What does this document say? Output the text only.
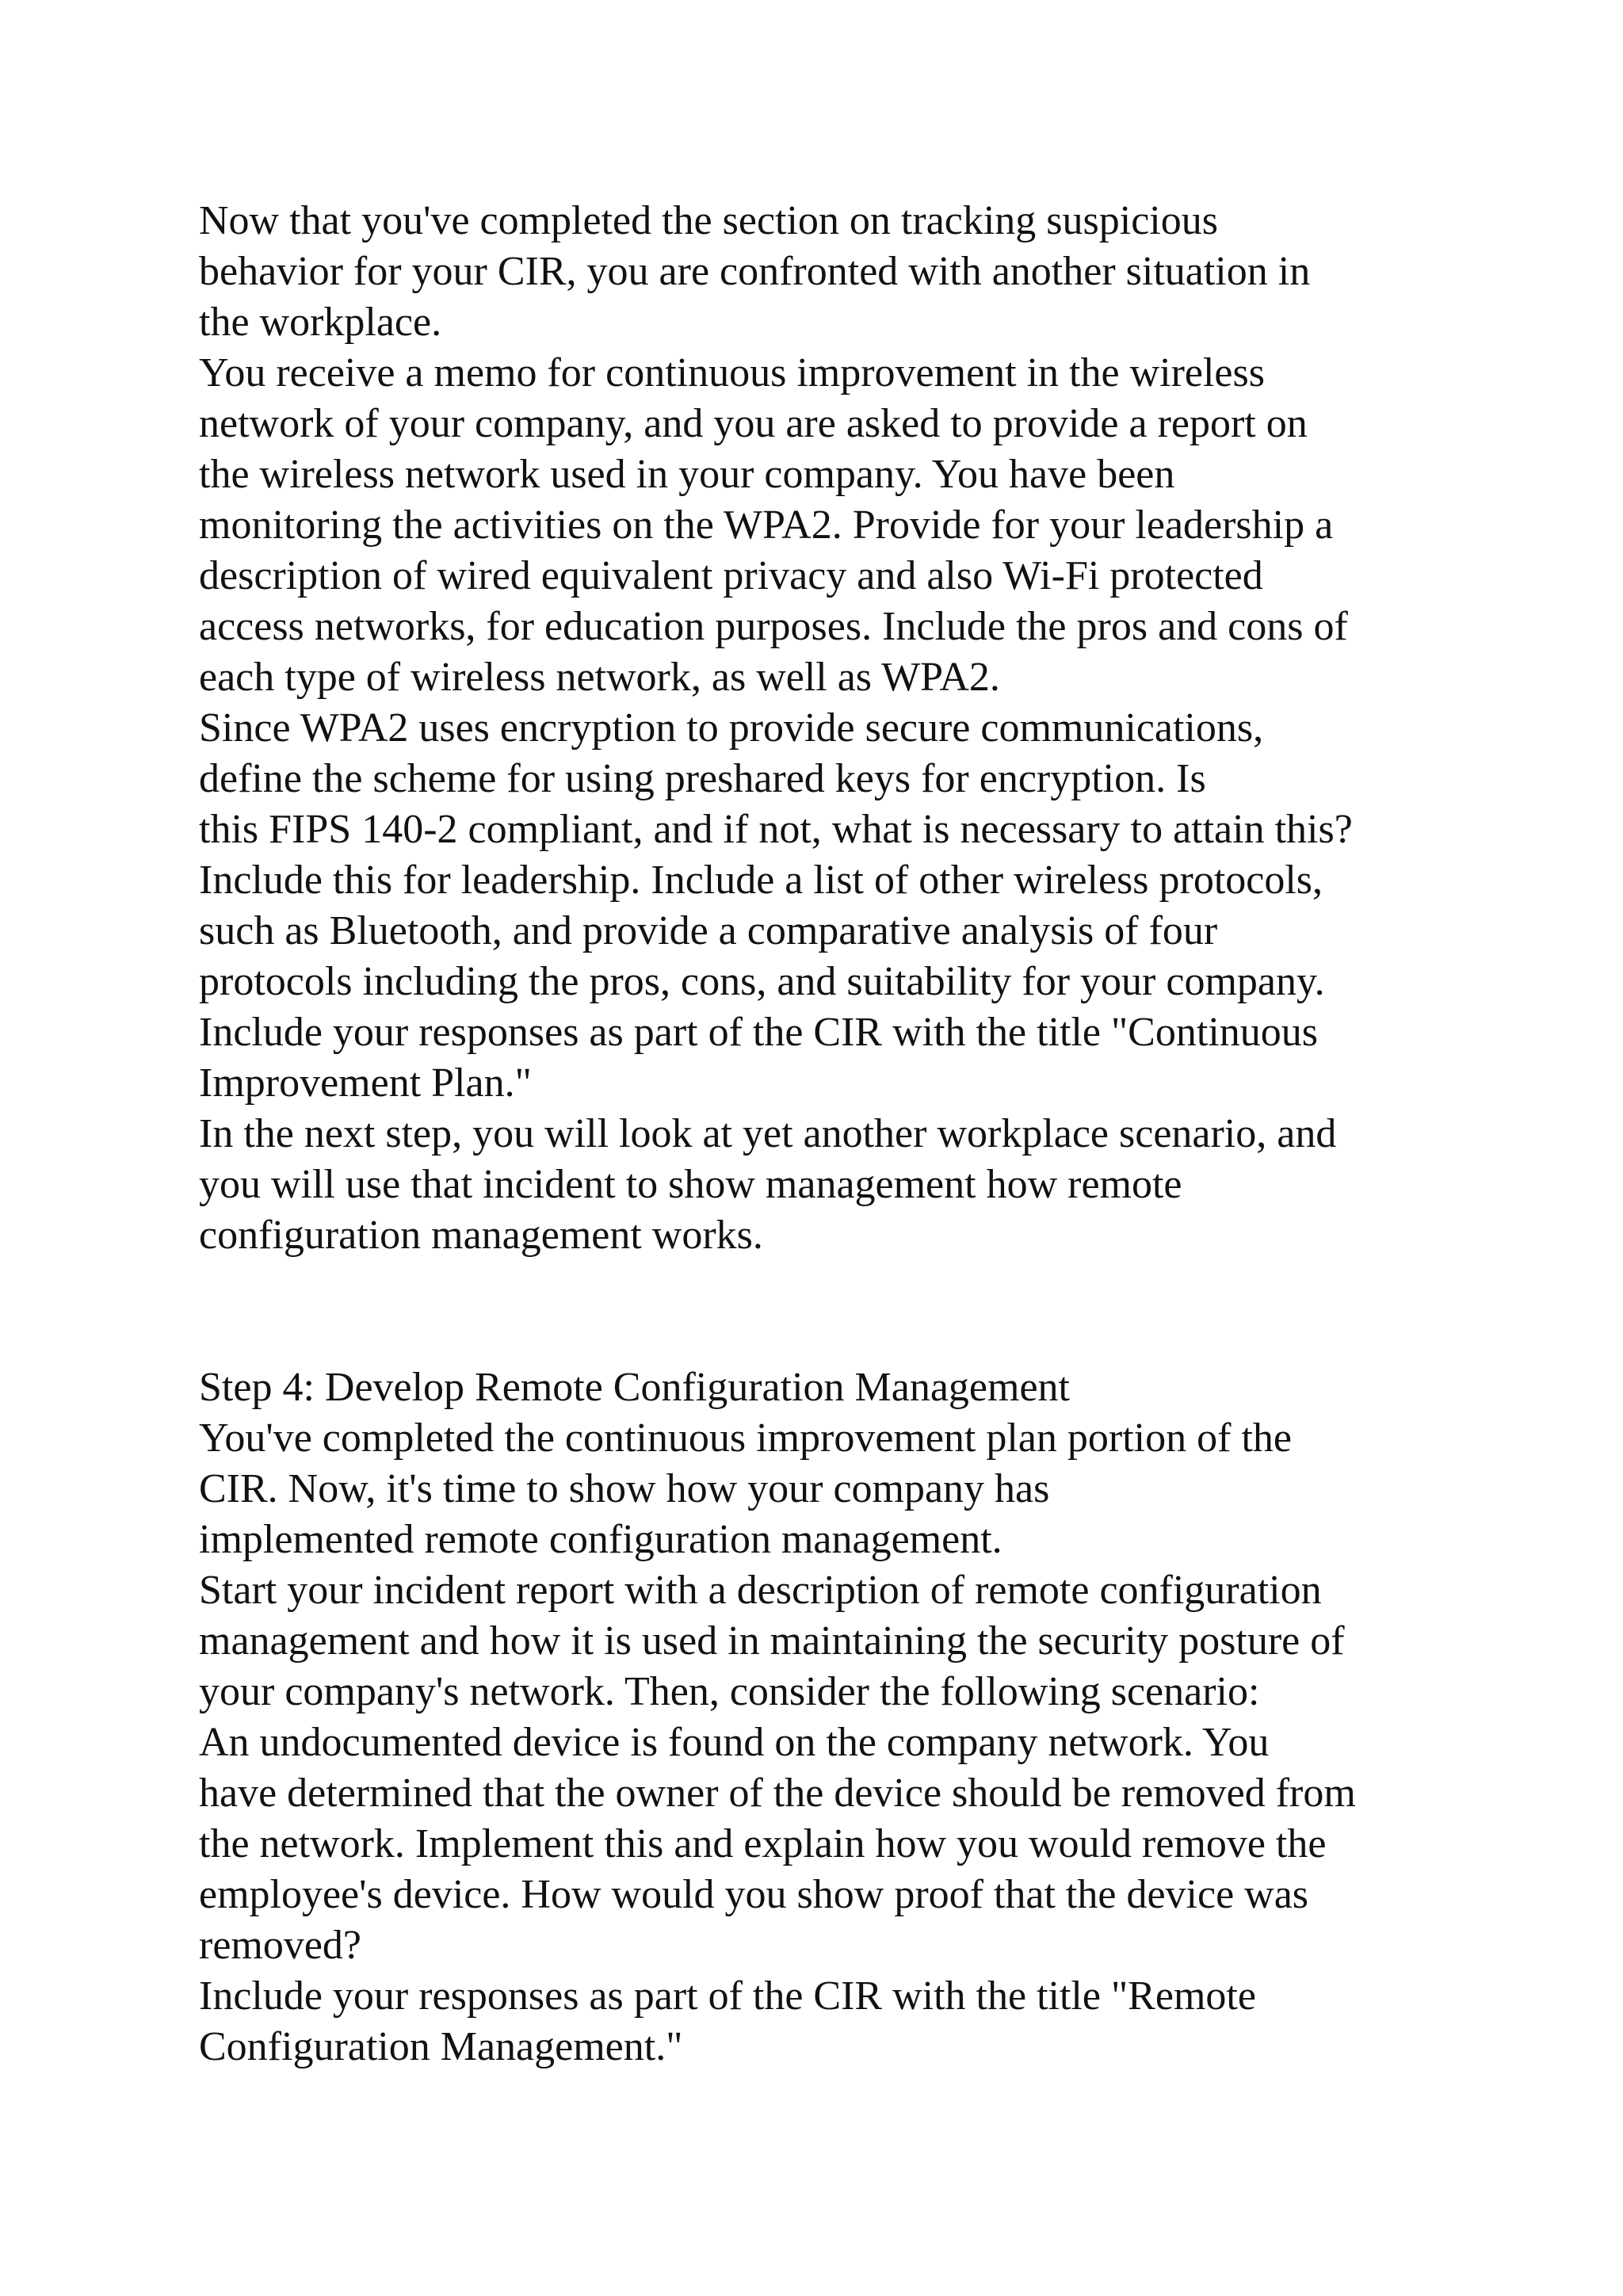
Now that you've completed the section on tracking suspicious
behavior for your CIR, you are confronted with another situation in
the workplace.
You receive a memo for continuous improvement in the wireless
network of your company, and you are asked to provide a report on
the wireless network used in your company. You have been
monitoring the activities on the WPA2. Provide for your leadership a
description of wired equivalent privacy and also Wi-Fi protected
access networks, for education purposes. Include the pros and cons of
each type of wireless network, as well as WPA2.
Since WPA2 uses encryption to provide secure communications,
define the scheme for using preshared keys for encryption. Is
this FIPS 140-2 compliant, and if not, what is necessary to attain this?
Include this for leadership. Include a list of other wireless protocols,
such as Bluetooth, and provide a comparative analysis of four
protocols including the pros, cons, and suitability for your company.
Include your responses as part of the CIR with the title "Continuous
Improvement Plan."
In the next step, you will look at yet another workplace scenario, and
you will use that incident to show management how remote
configuration management works.
Step 4: Develop Remote Configuration Management
You've completed the continuous improvement plan portion of the
CIR. Now, it's time to show how your company has
implemented remote configuration management.
Start your incident report with a description of remote configuration
management and how it is used in maintaining the security posture of
your company's network. Then, consider the following scenario:
An undocumented device is found on the company network. You
have determined that the owner of the device should be removed from
the network. Implement this and explain how you would remove the
employee's device. How would you show proof that the device was
removed?
Include your responses as part of the CIR with the title "Remote
Configuration Management."
